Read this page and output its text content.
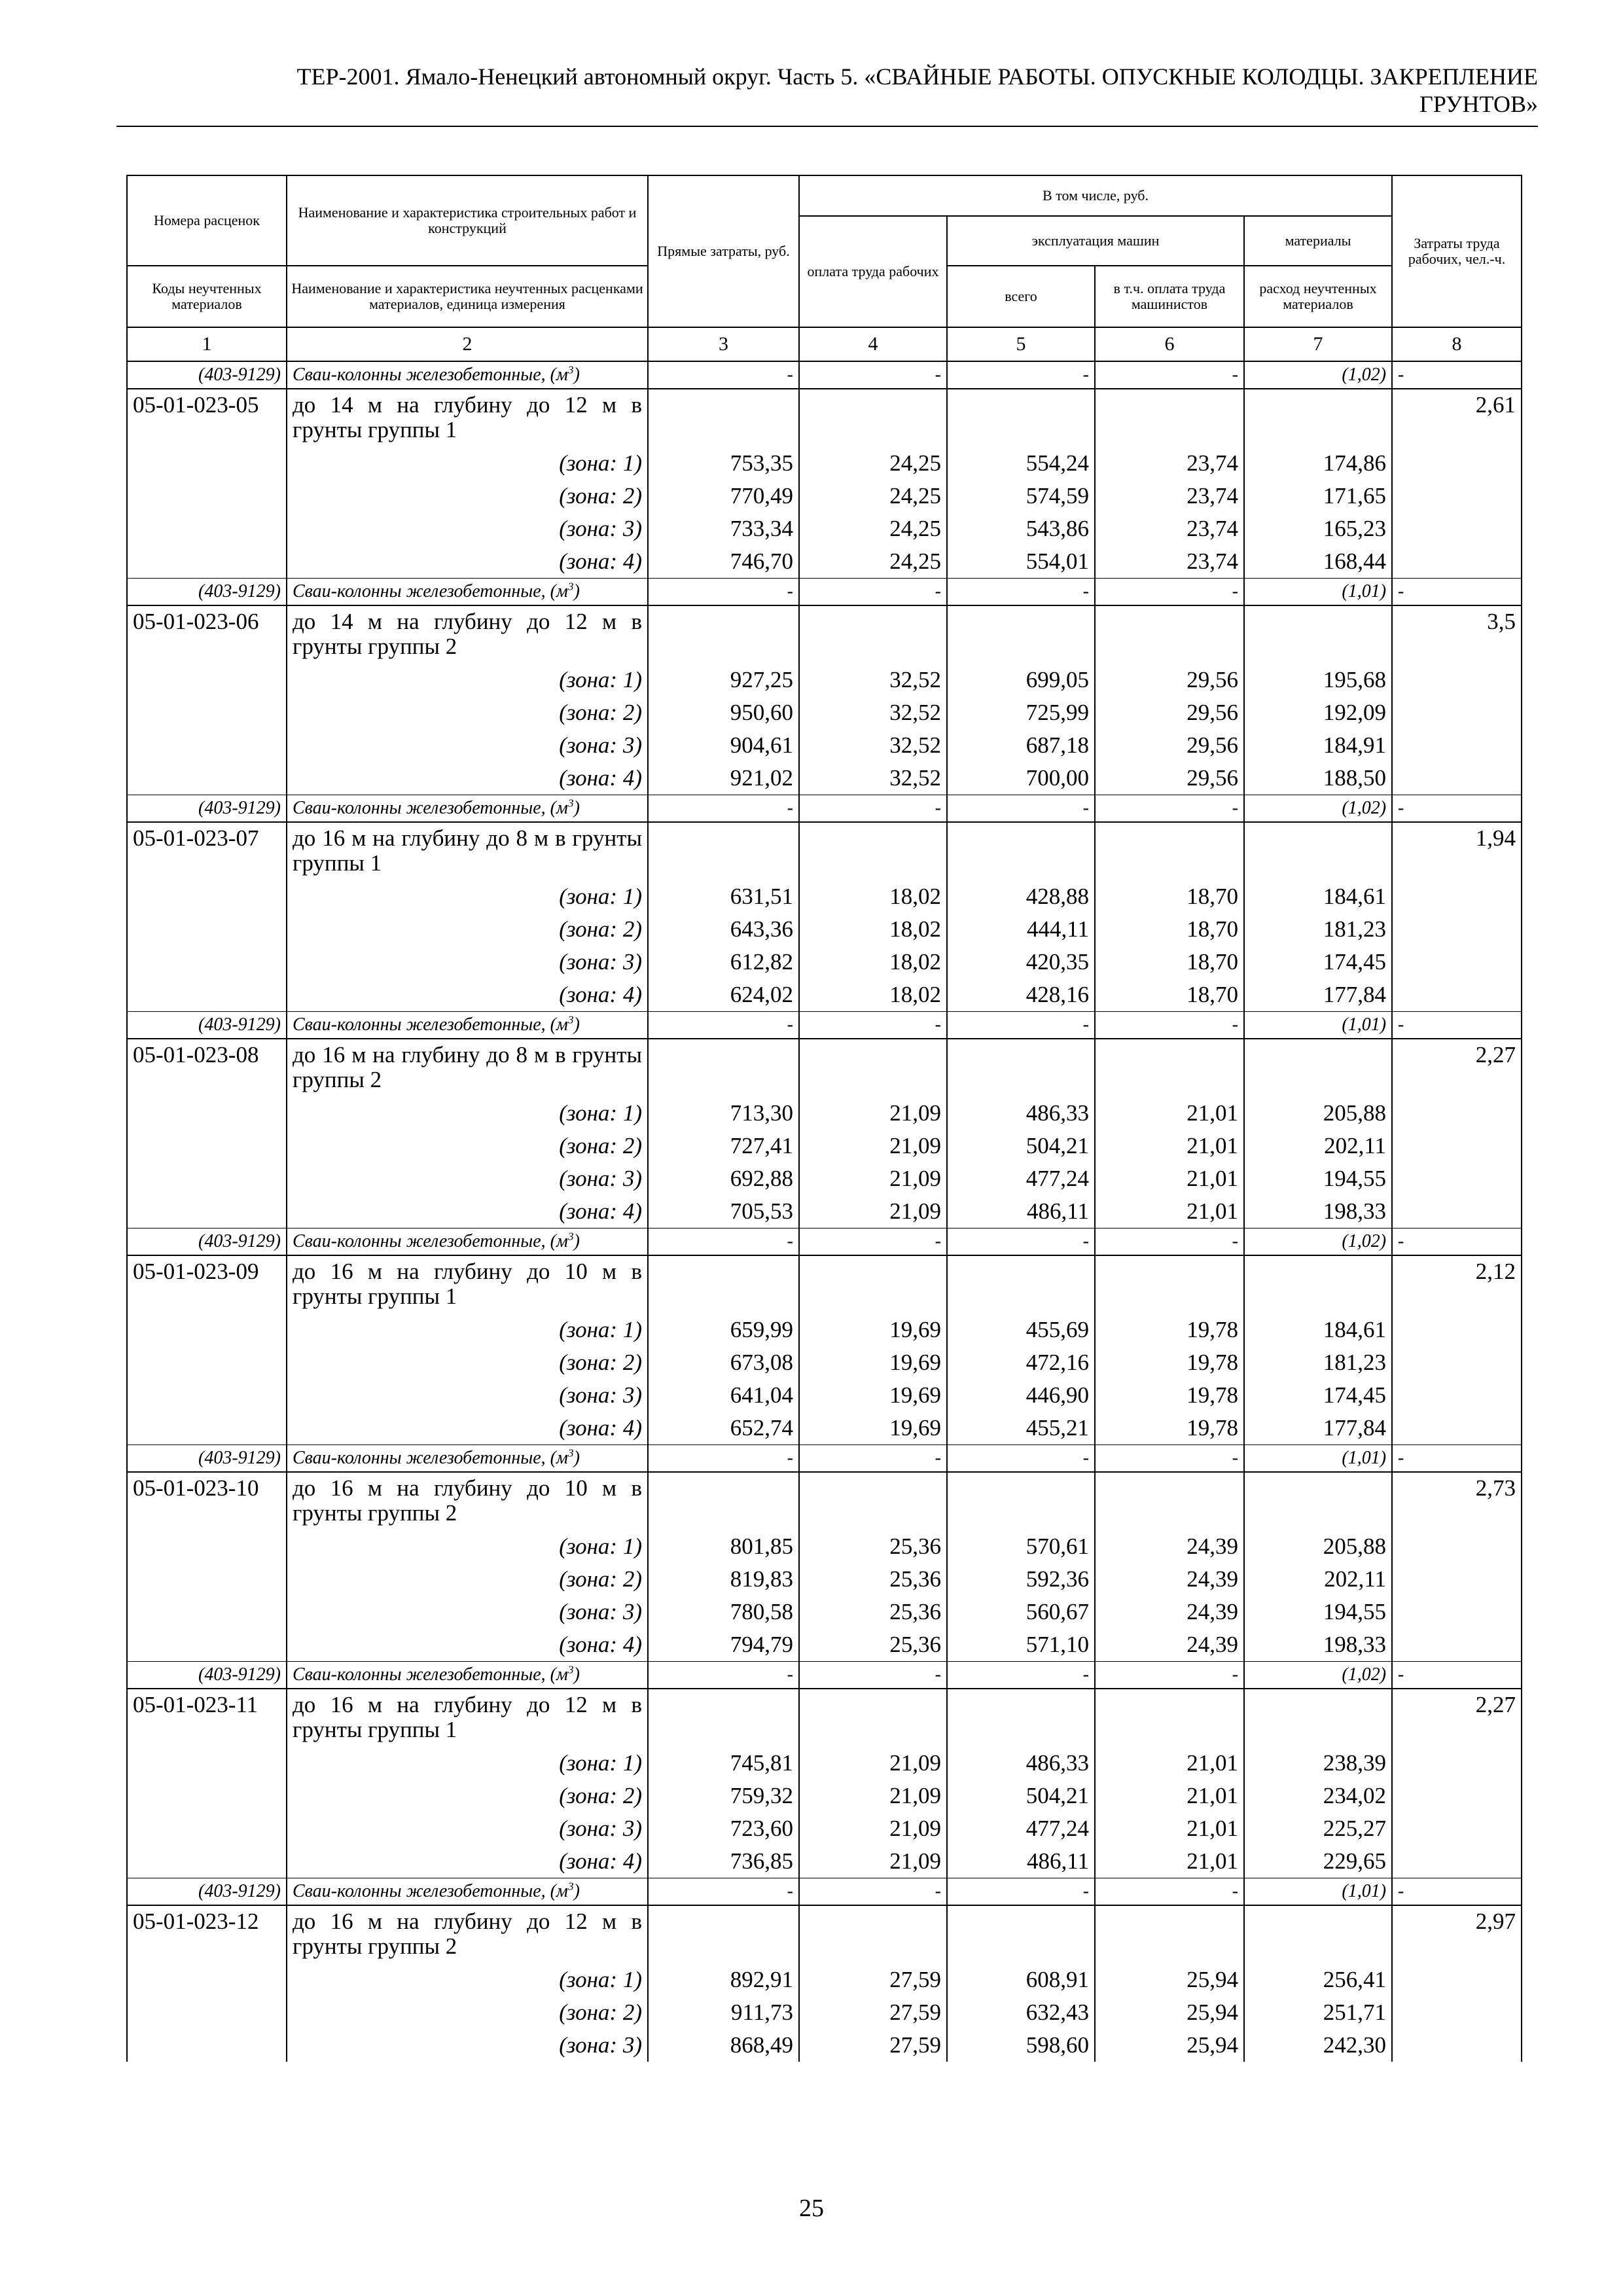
ТЕР-2001. Ямало-Ненецкий автономный округ. Часть 5. «СВАЙНЫЕ РАБОТЫ. ОПУСКНЫЕ КОЛОДЦЫ. ЗАКРЕПЛЕНИЕ
ГРУНТОВ»
Номера расценок	Наименование и характеристика строительных работ и конструкций	Прямые затраты, руб.	В том числе, руб.				Затраты труда рабочих, чел.-ч.
			оплата труда рабочих	эксплуатация машин		материалы	
Коды неучтенных материалов	Наименование и характеристика неучтенных расценками материалов, единица измерения			всего	в т.ч. оплата труда машинистов	расход неучтенных материалов	
1	2	3	4	5	6	7	8
(403-9129)	Сваи-колонны железобетонные, $(м^3)$	-	-	-	-	(1,02)	-
05-01-023-05	до 14 м на глубину до 12 м в грунты группы 1						2,61
	(зона: 1)	753,35	24,25	554,24	23,74	174,86	
	(зона: 2)	770,49	24,25	574,59	23,74	171,65	
	(зона: 3)	733,34	24,25	543,86	23,74	165,23	
	(зона: 4)	746,70	24,25	554,01	23,74	168,44	
(403-9129)	Сваи-колонны железобетонные, $(м^3)$	-	-	-	-	(1,01)	-
05-01-023-06	до 14 м на глубину до 12 м в грунты группы 2						3,5
	(зона: 1)	927,25	32,52	699,05	29,56	195,68	
	(зона: 2)	950,60	32,52	725,99	29,56	192,09	
	(зона: 3)	904,61	32,52	687,18	29,56	184,91	
	(зона: 4)	921,02	32,52	700,00	29,56	188,50	
(403-9129)	Сваи-колонны железобетонные, $(м^3)$	-	-	-	-	(1,02)	-
05-01-023-07	до 16 м на глубину до 8 м в грунты группы 1						1,94
	(зона: 1)	631,51	18,02	428,88	18,70	184,61	
	(зона: 2)	643,36	18,02	444,11	18,70	181,23	
	(зона: 3)	612,82	18,02	420,35	18,70	174,45	
	(зона: 4)	624,02	18,02	428,16	18,70	177,84	
(403-9129)	Сваи-колонны железобетонные, $(м^3)$	-	-	-	-	(1,01)	-
05-01-023-08	до 16 м на глубину до 8 м в грунты группы 2						2,27
	(зона: 1)	713,30	21,09	486,33	21,01	205,88	
	(зона: 2)	727,41	21,09	504,21	21,01	202,11	
	(зона: 3)	692,88	21,09	477,24	21,01	194,55	
	(зона: 4)	705,53	21,09	486,11	21,01	198,33	
(403-9129)	Сваи-колонны железобетонные, $(м^3)$	-	-	-	-	(1,02)	-
05-01-023-09	до 16 м на глубину до 10 м в грунты группы 1						2,12
	(зона: 1)	659,99	19,69	455,69	19,78	184,61	
	(зона: 2)	673,08	19,69	472,16	19,78	181,23	
	(зона: 3)	641,04	19,69	446,90	19,78	174,45	
	(зона: 4)	652,74	19,69	455,21	19,78	177,84	
(403-9129)	Сваи-колонны железобетонные, $(м^3)$	-	-	-	-	(1,01)	-
05-01-023-10	до 16 м на глубину до 10 м в грунты группы 2						2,73
	(зона: 1)	801,85	25,36	570,61	24,39	205,88	
	(зона: 2)	819,83	25,36	592,36	24,39	202,11	
	(зона: 3)	780,58	25,36	560,67	24,39	194,55	
	(зона: 4)	794,79	25,36	571,10	24,39	198,33	
(403-9129)	Сваи-колонны железобетонные, $(м^3)$	-	-	-	-	(1,02)	-
05-01-023-11	до 16 м на глубину до 12 м в грунты группы 1						2,27
	(зона: 1)	745,81	21,09	486,33	21,01	238,39	
	(зона: 2)	759,32	21,09	504,21	21,01	234,02	
	(зона: 3)	723,60	21,09	477,24	21,01	225,27	
	(зона: 4)	736,85	21,09	486,11	21,01	229,65	
(403-9129)	Сваи-колонны железобетонные, $(м^3)$	-	-	-	-	(1,01)	-
05-01-023-12	до 16 м на глубину до 12 м в грунты группы 2						2,97
	(зона: 1)	892,91	27,59	608,91	25,94	256,41	
	(зона: 2)	911,73	27,59	632,43	25,94	251,71	
	(зона: 3)	868,49	27,59	598,60	25,94	242,30	
25
